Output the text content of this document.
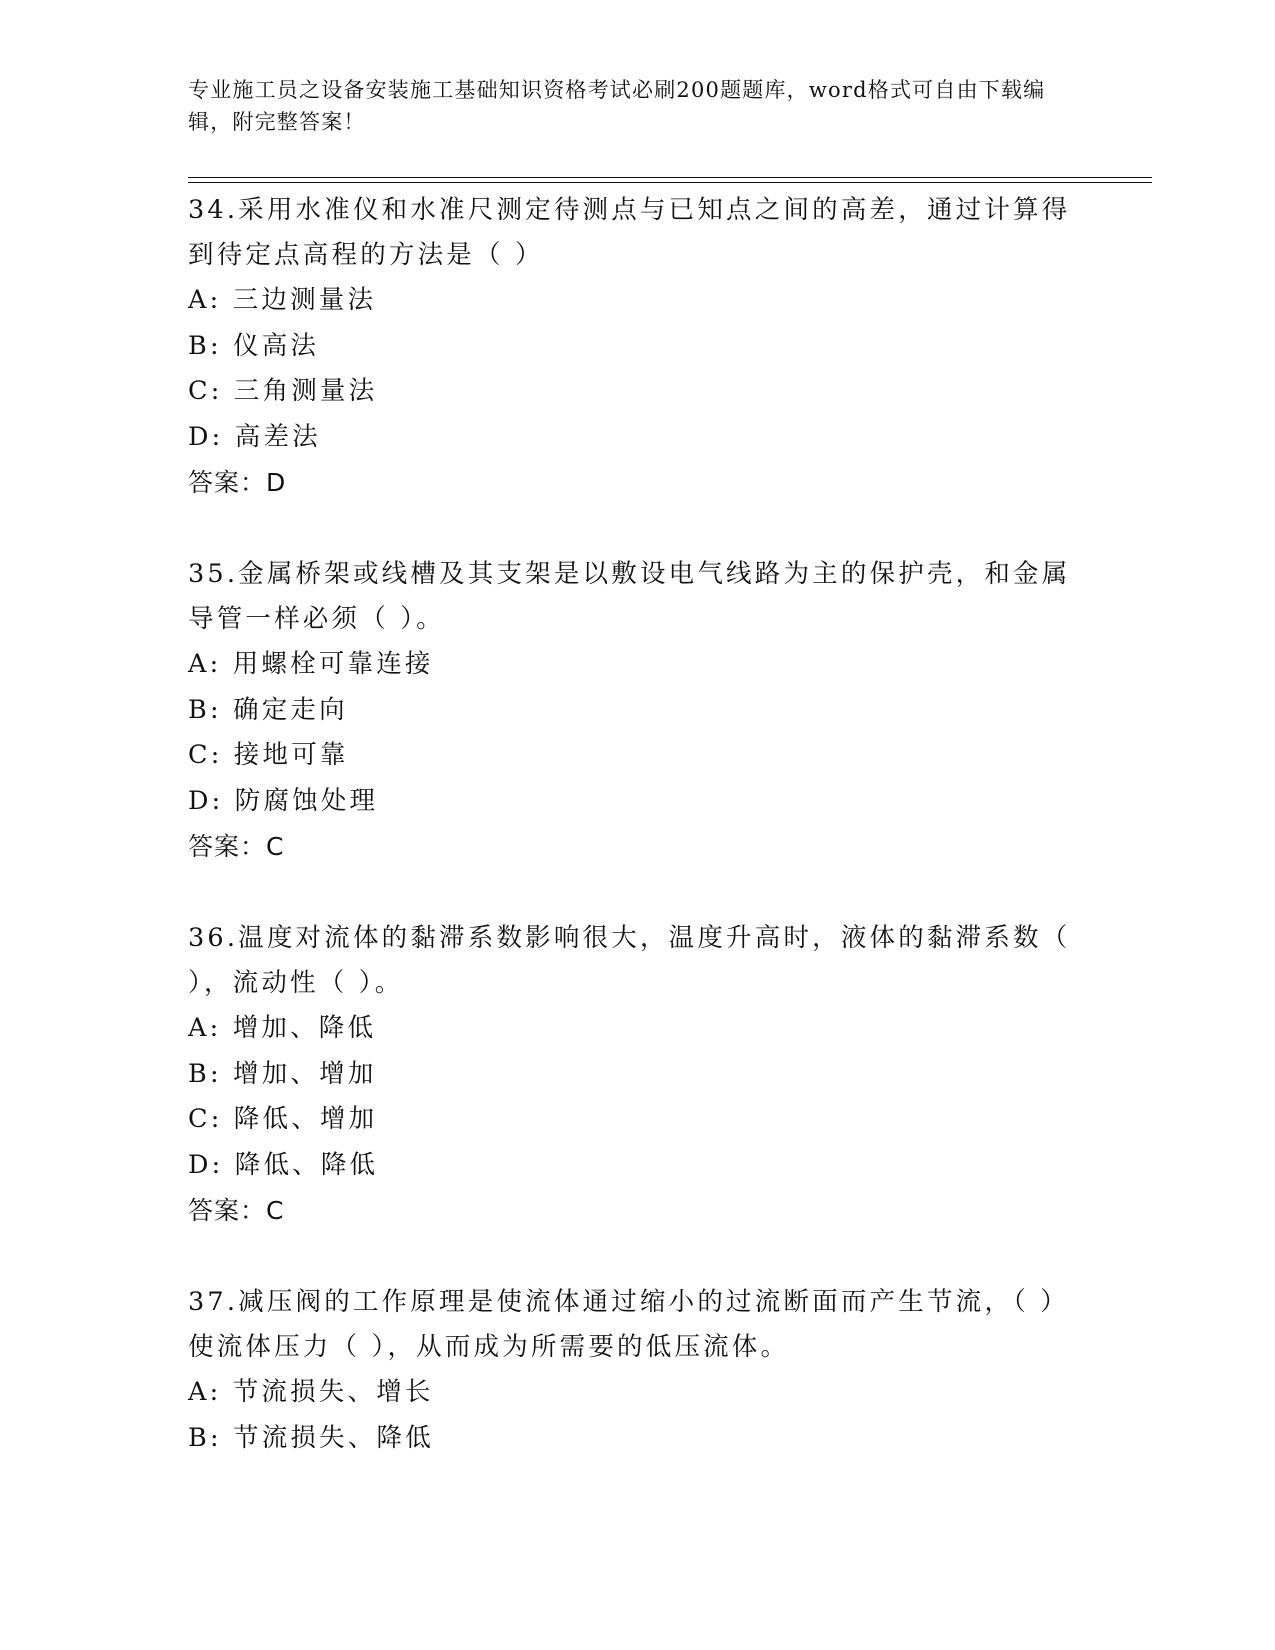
专业施工员之设备安装施工基础知识资格考试必刷200题题库，word格式可自由下载编辑，附完整答案！
34.采用水准仪和水准尺测定待测点与已知点之间的高差，通过计算得到待定点高程的方法是（ ）
A: 三边测量法
B: 仪高法
C: 三角测量法
D: 高差法
答案：D
35.金属桥架或线槽及其支架是以敷设电气线路为主的保护壳，和金属导管一样必须（ ）。
A: 用螺栓可靠连接
B: 确定走向
C: 接地可靠
D: 防腐蚀处理
答案：C
36.温度对流体的黏滞系数影响很大，温度升高时，液体的黏滞系数（ ），流动性（ ）。
A: 增加、降低
B: 增加、增加
C: 降低、增加
D: 降低、降低
答案：C
37.减压阀的工作原理是使流体通过缩小的过流断面而产生节流，（ ）使流体压力（ ），从而成为所需要的低压流体。
A: 节流损失、增长
B: 节流损失、降低
